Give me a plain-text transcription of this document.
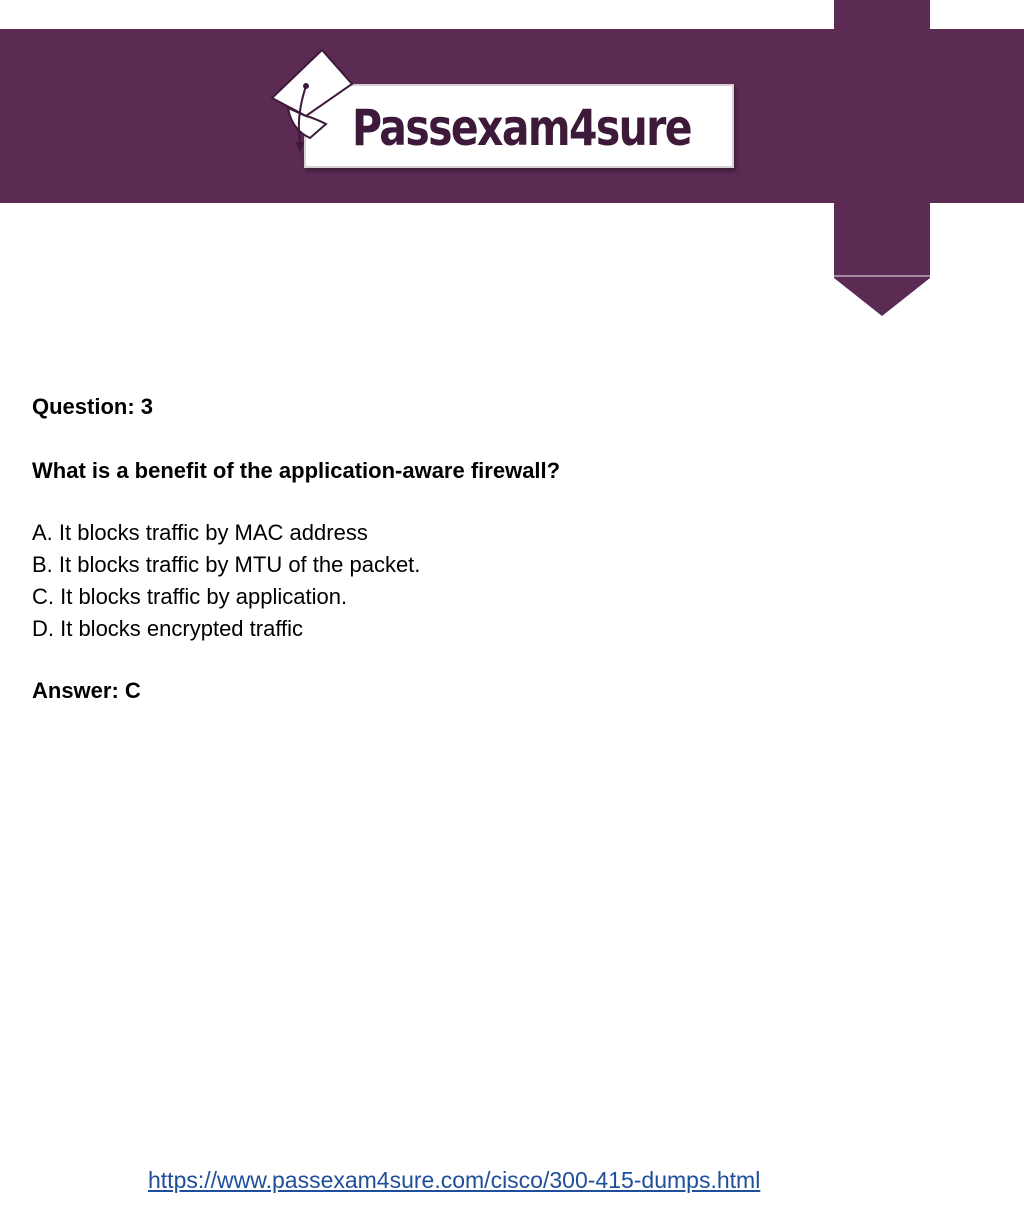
Passexam4sure

Question: 3

What is a benefit of the application-aware firewall?

A. It blocks traffic by MAC address
B. It blocks traffic by MTU of the packet.
C. It blocks traffic by application.
D. It blocks encrypted traffic

Answer: C

https://www.passexam4sure.com/cisco/300-415-dumps.html
